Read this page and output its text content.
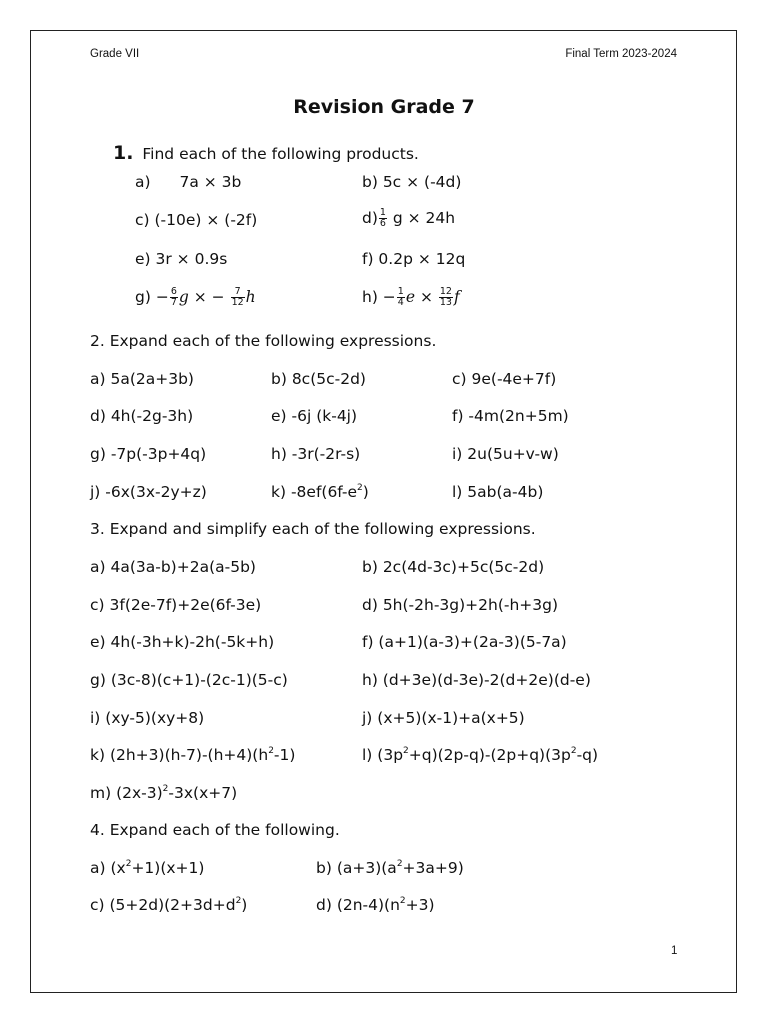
Grade VII	Final Term 2023-2024
Revision Grade 7
1. Find each of the following products.
a) 7a × 3b	b) 5c × (-4d)
c) (-10e) × (-2f)	$d) \frac{1}{6}$ g × 24h
e) 3r × 0.9s	f) 0.2p × 12q
$g) - \frac{6}{7}$ g × − $\frac{7}{12}$ h	$h) - \frac{1}{4}$ $e \times \frac{12}{13}$ f
2. Expand each of the following expressions.
a) 5a(2a+3b)	b) 8c(5c-2d)	c) 9e(-4e+7f)
d) 4h(-2g-3h)	e) -6j (k-4j)	f) -4m(2n+5m)
g) -7p(-3p+4q)	h) -3r(-2r-s)	i) 2u(5u+v-w)
j) -6x(3x-2y+z)	k) $-8ef(6f-e^2)$	l) 5ab(a-4b)
3. Expand and simplify each of the following expressions.
a) 4a(3a-b)+2a(a-5b)	b) 2c(4d-3c)+5c(5c-2d)
c) 3f(2e-7f)+2e(6f-3e)	d) 5h(-2h-3g)+2h(-h+3g)
e) 4h(-3h+k)-2h(-5k+h)	f) (a+1)(a-3)+(2a-3)(5-7a)
g) (3c-8)(c+1)-(2c-1)(5-c)	h) (d+3e)(d-3e)-2(d+2e)(d-e)
i) (xy-5)(xy+8)	j) (x+5)(x-1)+a(x+5)
k) $(2h+3)(h-7)-(h+4)(h^2-1)$	l) $(3p^2+q)(2p-q)-(2p+q)(3p^2-q)$
m) $(2x-3)^2-3x(x+7)$
4. Expand each of the following.
a) $(x^2+1)(x+1)$	b) $(a+3)(a^2+3a+9)$
c) $(5+2d)(2+3d+d^2)$	d) $(2n-4)(n^2+3)$
1
